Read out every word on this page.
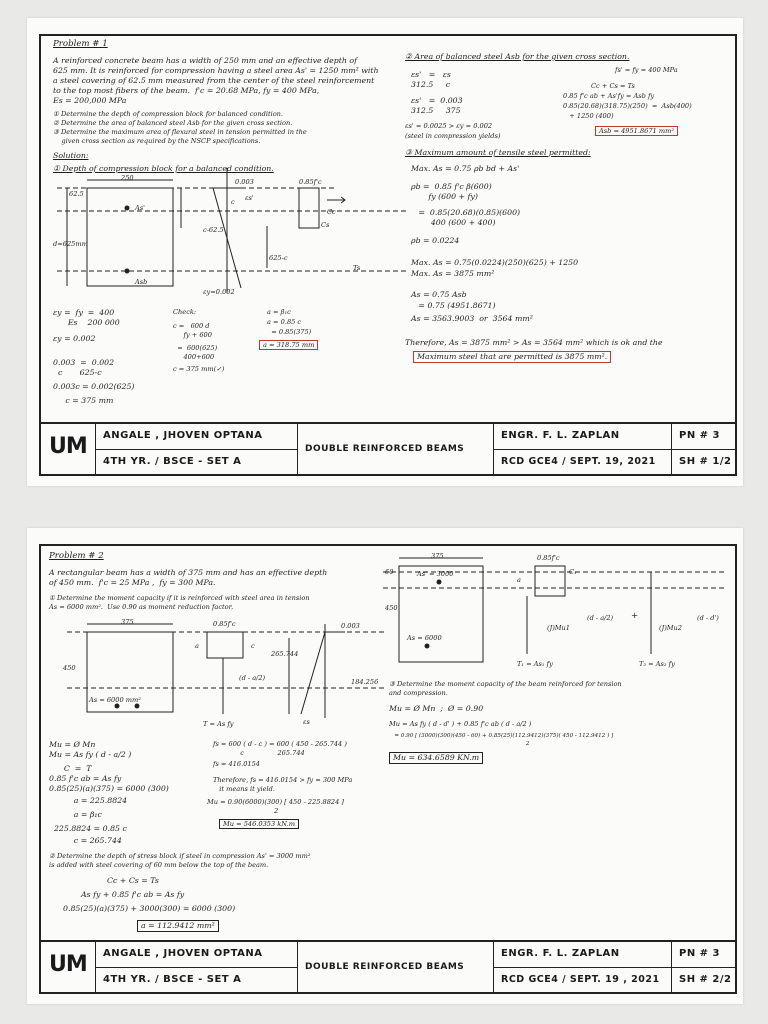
Problem # 1
A reinforced concrete beam has a width of 250 mm and an effective depth of
625 mm. It is reinforced for compression having a steel area As' = 1250 mm² with
a steel covering of 62.5 mm measured from the center of the steel reinforcement
to the top most fibers of the beam.  f'c = 20.68 MPa, fy = 400 MPa,
Es = 200,000 MPa
① Determine the depth of compression block for balanced condition.
② Determine the area of balanced steel Asb for the given cross section.
③ Determine the maximum area of flexural steel in tension permitted in the
given cross section as required by the NSCP specifications.
Solution:
① Depth of compression block for a balanced condition.
250	0.003	0.85f'c
Cc
Cs
c
62.5
625-c
d=625mm
As'
Asb
εs'
c-62.5
εy=0.002
Ts
εy =  fy  =  400
Es    200 000
εy = 0.002
0.003  =  0.002
c       625-c
0.003c = 0.002(625)
c = 375 mm
Check:
c =   600 d
fy + 600
=  600(625)
400+600
c = 375 mm(✓)
a = β₁c
a = 0.85 c
= 0.85(375)
a = 318.75 mm
② Area of balanced steel Asb for the given cross section.
εs'   =   εs
312.5     c
εs'   =  0.003
312.5     375
εs' = 0.0025 > εy = 0.002
(steel in compression yields)
fs' = fy = 400 MPa
Cc + Cs = Ts
0.85 f'c ab + As'fy = Asb fy
0.85(20.68)(318.75)(250)  =  Asb(400)
+ 1250 (400)
Asb = 4951.8671 mm²
③ Maximum amount of tensile steel permitted:
Max. As = 0.75 ρb bd + As'
ρb =  0.85 f'c β(600)
fy (600 + fy)
=  0.85(20.68)(0.85)(600)
400 (600 + 400)
ρb = 0.0224
Max. As = 0.75(0.0224)(250)(625) + 1250
Max. As = 3875 mm²
As = 0.75 Asb
= 0.75 (4951.8671)
As = 3563.9003  or  3564 mm²
Therefore, As = 3875 mm² > As = 3564 mm² which is ok and the
Maximum steel that are permitted is 3875 mm².
UM ANGALE , JHOVEN OPTANA
4TH YR. / BSCE - SET A
DOUBLE REINFORCED BEAMS
ENGR. F. L. ZAPLAN
RCD GCE4 / SEPT. 19, 2021
PN # 3
SH # 1/2
Problem # 2
A rectangular beam has a width of 375 mm and has an effective depth
of 450 mm.  f'c = 25 MPa ,  fy = 300 MPa.
① Determine the moment capacity if it is reinforced with steel area in tension
As = 6000 mm².  Use 0.90 as moment reduction factor.
375	0.85f'c	0.003
a	c
265.744
(d - a/2)
450
As = 6000 mm²
T = As fy
184.256
εs
Mu = Ø Mn
Mu = As fy ( d - a/2 )
C  =  T
0.85 f'c ab = As fy
0.85(25)(a)(375) = 6000 (300)
a = 225.8824
a = β₁c
225.8824 = 0.85 c
c = 265.744
fs = 600 ( d - c ) = 600 ( 450 - 265.744 )
c                265.744
fs = 416.0154
Therefore, fs = 416.0154 > fy = 300 MPa
it means it yield.
Mu = 0.90(6000)(300) [ 450 - 225.8824 ]
2
Mu = 546.0353 kN.m
② Determine the depth of stress block if steel in compression As' = 3000 mm²
is added with steel covering of 60 mm below the top of the beam.
Cc + Cs = Ts
As fy + 0.85 f'c ab = As fy
0.85(25)(a)(375) + 3000(300) = 6000 (300)
a = 112.9412 mm²
375	0.85f'c
60	As' = 3000
450
As = 6000
a
C₁
(J)Mu1
(d - a/2) +
(J)Mu2
(d - d')
T₁ = As₁ fy	T₂ = As₂ fy
③ Determine the moment capacity of the beam reinforced for tension
and compression.
Mu = Ø Mn  ;  Ø = 0.90
Mu = As fy ( d - d' ) + 0.85 f'c ab ( d - a/2 )
= 0.90 [ (3000)(300)(450 - 60) + 0.85(25)(112.9412)(375)( 450 - 112.9412 ) ]
2
Mu = 634.6589 KN.m
UM ANGALE , JHOVEN OPTANA
4TH YR. / BSCE - SET A
DOUBLE REINFORCED BEAMS
ENGR. F. L. ZAPLAN
RCD GCE4 / SEPT. 19 , 2021
PN # 3
SH # 2/2
